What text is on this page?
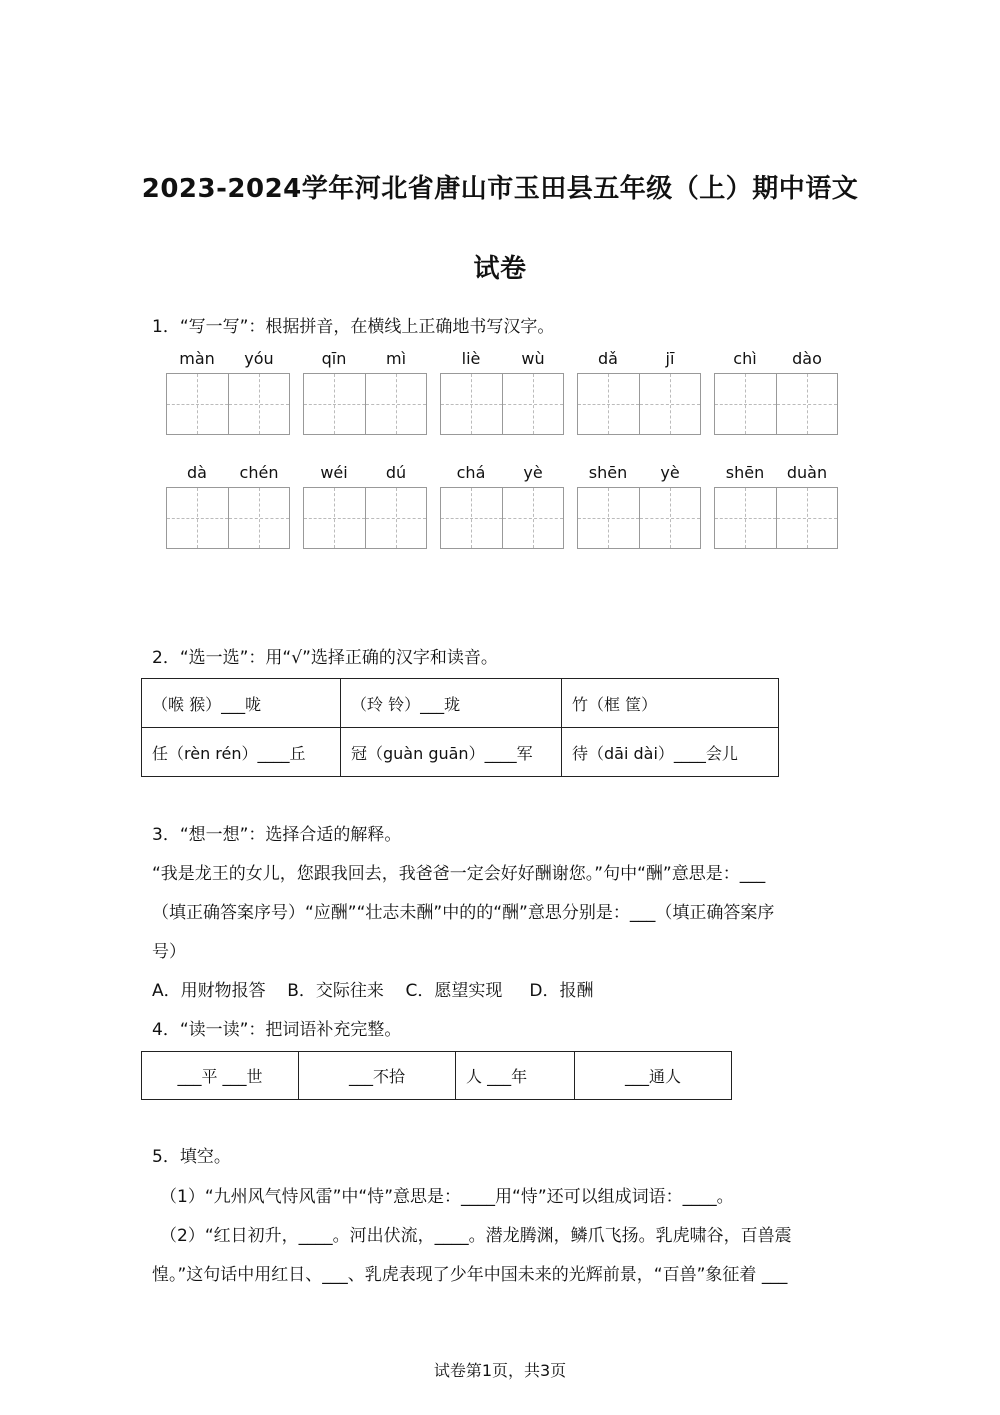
2023-2024学年河北省唐山市玉田县五年级（上）期中语文
试卷
1．“写一写”：根据拼音，在横线上正确地书写汉字。
màn	yóu	qīn	mì	liè	wù	dǎ	jī	chì	dào
dà	chén	wéi	dú	chá	yè	shēn	yè	shēn	duàn
2．“选一选”：用“√”选择正确的汉字和读音。
（喉 猴）___咙	（玲 铃）___珑	竹（框 筐）
任（rèn rén）____丘	冠（guàn guān）____军	待（dāi dài）____会儿
3．“想一想”：选择合适的解释。
“我是龙王的女儿，您跟我回去，我爸爸一定会好好酬谢您。”句中“酬”意思是：___
（填正确答案序号）“应酬”“壮志未酬”中的的“酬”意思分别是：___（填正确答案序
号）
A．用财物报答    B．交际往来    C．愿望实现     D．报酬
4．“读一读”：把词语补充完整。
___平 ___世	___不拾	人 ___年	___通人
5．填空。
（1）“九州风气恃风雷”中“恃”意思是：____用“恃”还可以组成词语：____。
（2）“红日初升，____。河出伏流，____。潜龙腾渊，鳞爪飞扬。乳虎啸谷，百兽震
惶。”这句话中用红日、___、乳虎表现了少年中国未来的光辉前景，“百兽”象征着 ___
试卷第1页，共3页
